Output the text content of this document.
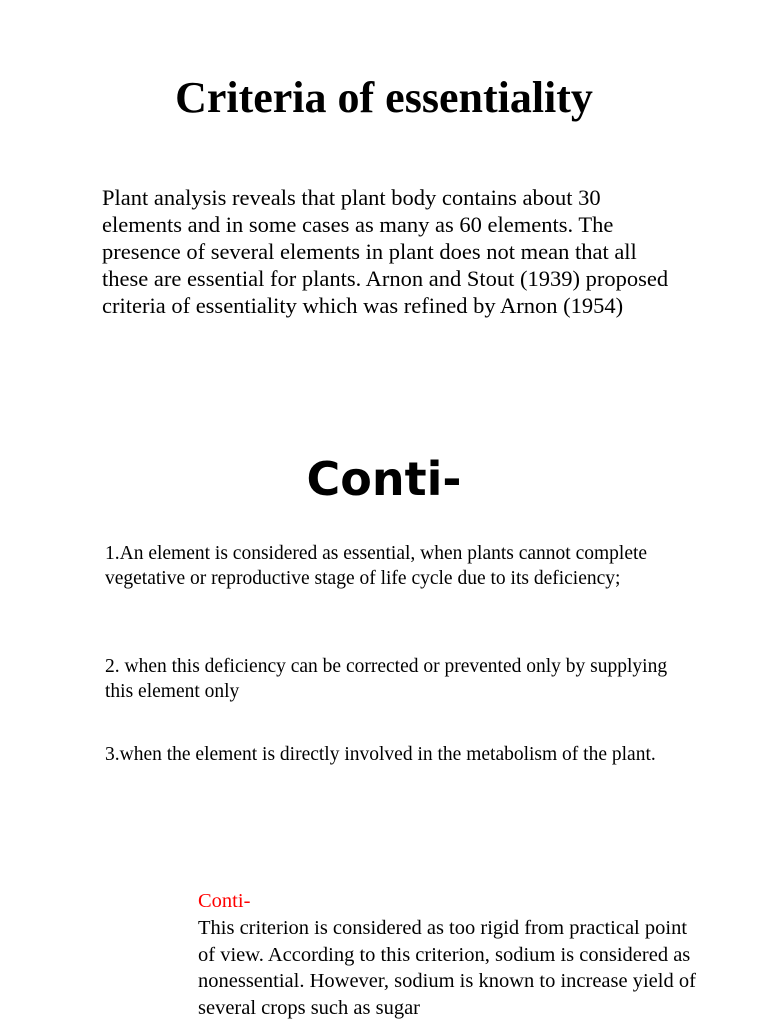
Criteria of essentiality

Plant analysis reveals that plant body contains about 30 elements and in some cases as many as 60 elements. The presence of several elements in plant does not mean that all these are essential for plants. Arnon and Stout (1939) proposed criteria of essentiality which was refined by Arnon (1954)

Conti-

1.An element is considered as essential, when plants cannot complete vegetative or reproductive stage of life cycle due to its deficiency;

2. when this deficiency can be corrected or prevented only by supplying this element only

3.when the element is directly involved in the metabolism of the plant.

Conti-
This criterion is considered as too rigid from practical point of view. According to this criterion, sodium is considered as nonessential. However, sodium is known to increase yield of several crops such as sugar
